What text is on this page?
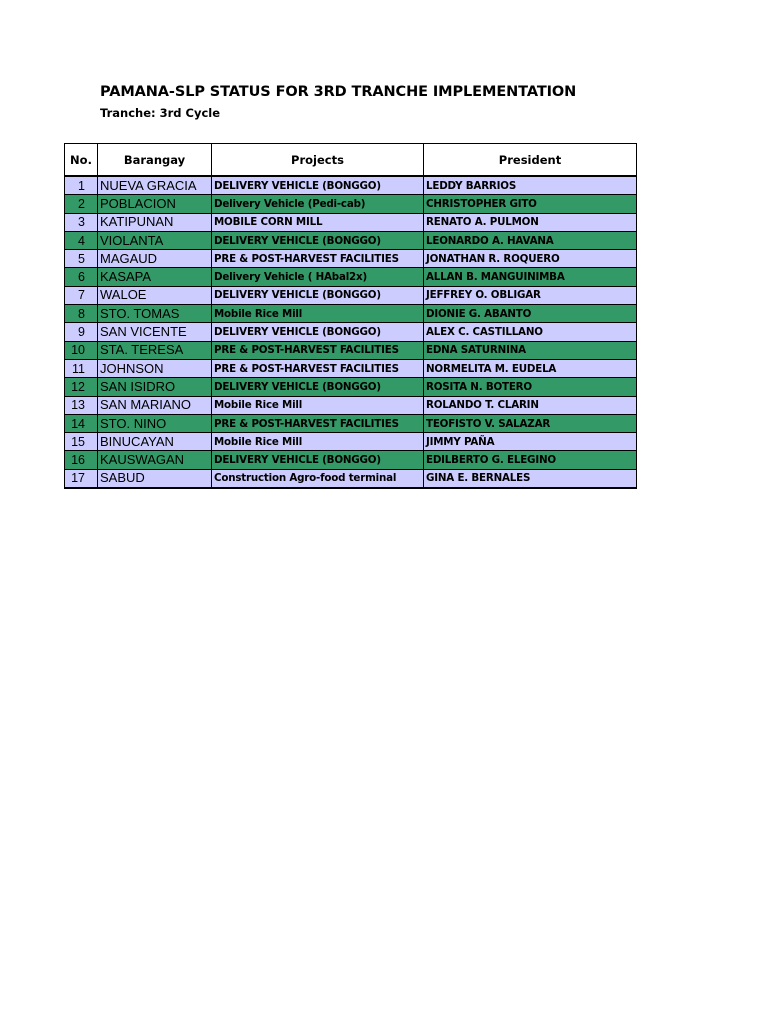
PAMANA-SLP STATUS FOR 3RD TRANCHE IMPLEMENTATION
Tranche: 3rd Cycle
No.	Barangay	Projects	President
1	NUEVA GRACIA	DELIVERY VEHICLE (BONGGO)	LEDDY BARRIOS
2	POBLACION	Delivery Vehicle (Pedi-cab)	CHRISTOPHER GITO
3	KATIPUNAN	MOBILE CORN MILL	RENATO A. PULMON
4	VIOLANTA	DELIVERY VEHICLE (BONGGO)	LEONARDO A. HAVANA
5	MAGAUD	PRE & POST-HARVEST FACILITIES	JONATHAN R. ROQUERO
6	KASAPA	Delivery Vehicle ( HAbal2x)	ALLAN B. MANGUINIMBA
7	WALOE	DELIVERY VEHICLE (BONGGO)	JEFFREY O. OBLIGAR
8	STO. TOMAS	Mobile Rice Mill	DIONIE G. ABANTO
9	SAN VICENTE	DELIVERY VEHICLE (BONGGO)	ALEX C. CASTILLANO
10	STA. TERESA	PRE & POST-HARVEST FACILITIES	EDNA SATURNINA
11	JOHNSON	PRE & POST-HARVEST FACILITIES	NORMELITA M. EUDELA
12	SAN ISIDRO	DELIVERY VEHICLE (BONGGO)	ROSITA N. BOTERO
13	SAN MARIANO	Mobile Rice Mill	ROLANDO T. CLARIN
14	STO. NINO	PRE & POST-HARVEST FACILITIES	TEOFISTO V. SALAZAR
15	BINUCAYAN	Mobile Rice Mill	JIMMY PAÑA
16	KAUSWAGAN	DELIVERY VEHICLE (BONGGO)	EDILBERTO G. ELEGINO
17	SABUD	Construction Agro-food terminal	GINA E. BERNALES
